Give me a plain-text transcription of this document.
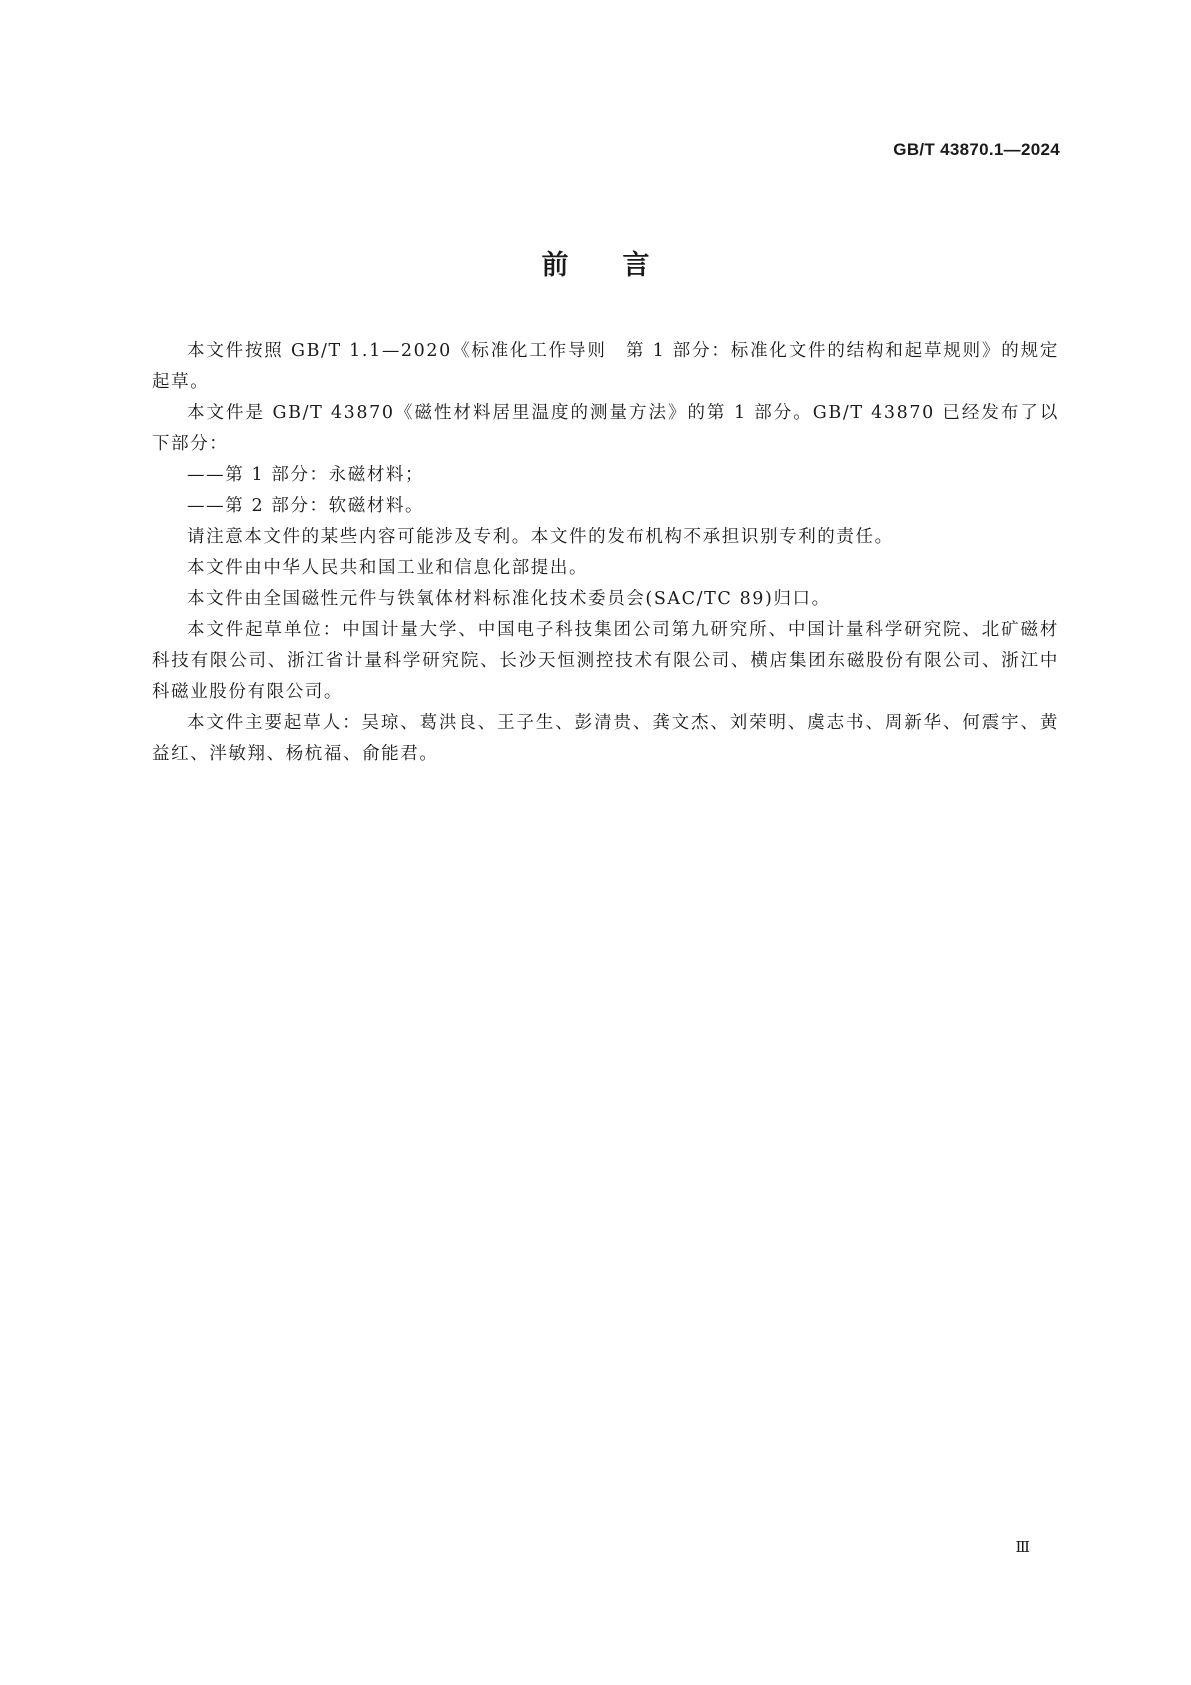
GB/T 43870.1—2024
前言

本文件按照 GB/T 1.1—2020《标准化工作导则　第 1 部分：标准化文件的结构和起草规则》的规定起草。

本文件是 GB/T 43870《磁性材料居里温度的测量方法》的第 1 部分。GB/T 43870 已经发布了以下部分：

——第 1 部分：永磁材料；

——第 2 部分：软磁材料。

请注意本文件的某些内容可能涉及专利。本文件的发布机构不承担识别专利的责任。

本文件由中华人民共和国工业和信息化部提出。

本文件由全国磁性元件与铁氧体材料标准化技术委员会(SAC/TC 89)归口。

本文件起草单位：中国计量大学、中国电子科技集团公司第九研究所、中国计量科学研究院、北矿磁材科技有限公司、浙江省计量科学研究院、长沙天恒测控技术有限公司、横店集团东磁股份有限公司、浙江中科磁业股份有限公司。

本文件主要起草人：吴琼、葛洪良、王子生、彭清贵、龚文杰、刘荣明、虞志书、周新华、何震宇、黄益红、泮敏翔、杨杭福、俞能君。

Ⅲ
